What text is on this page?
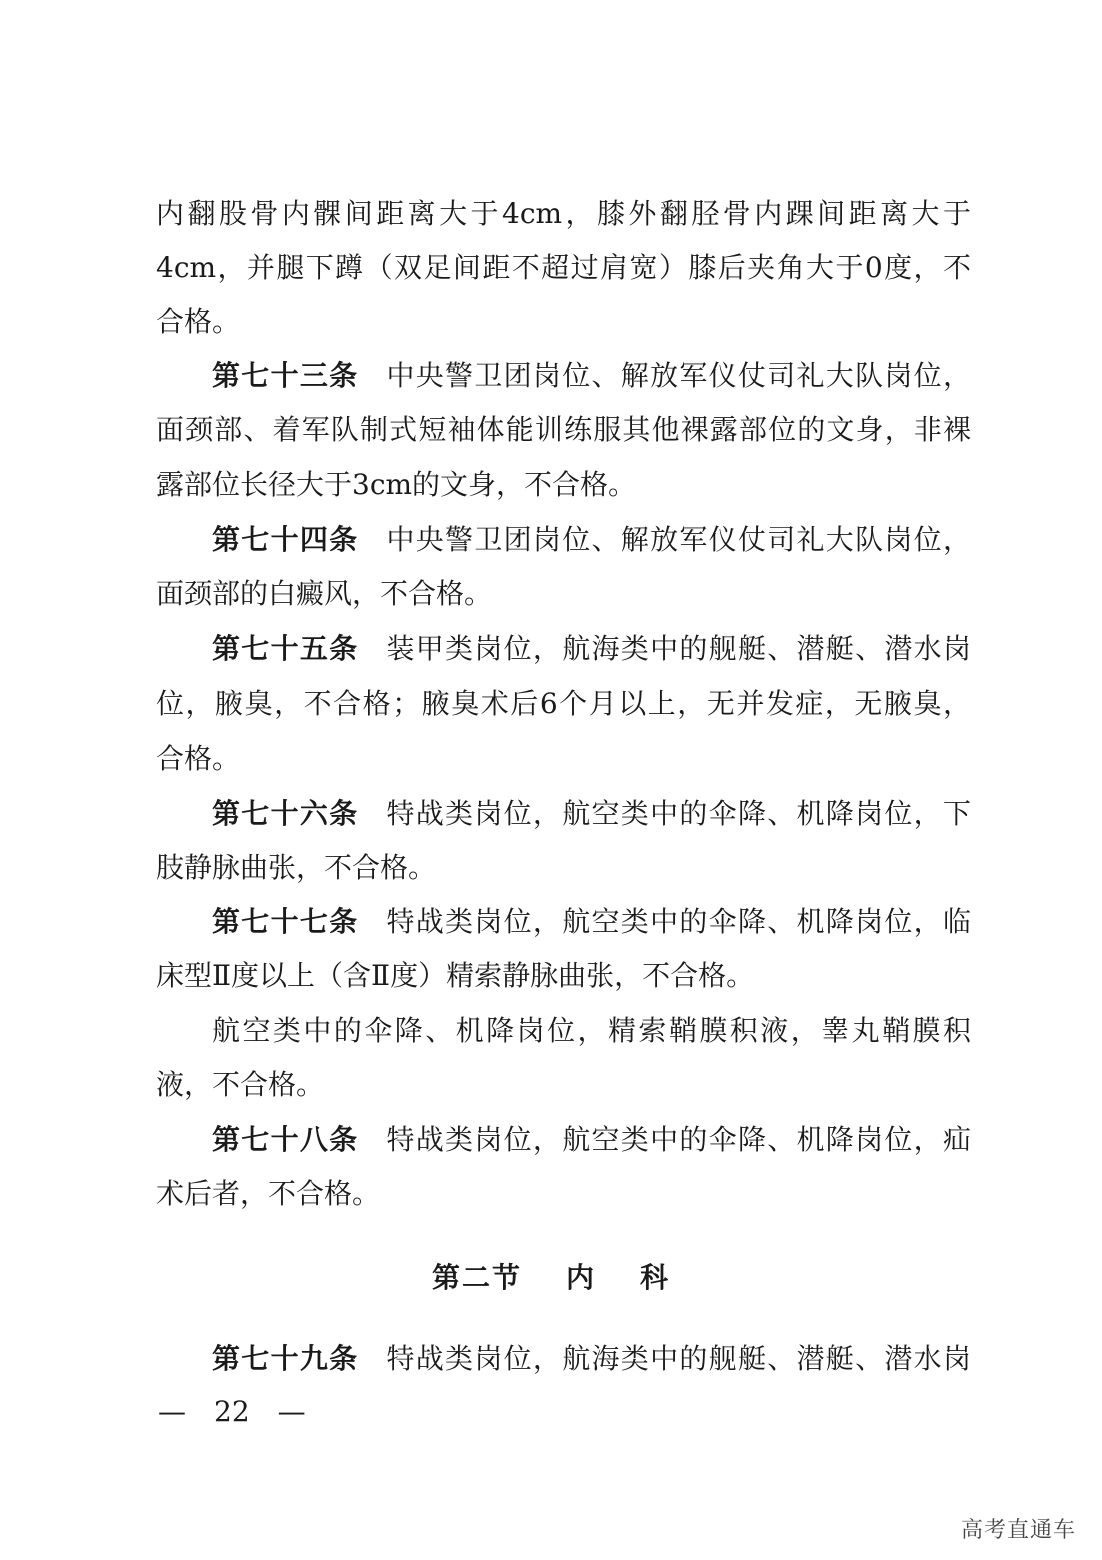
内翻股骨内髁间距离大于4cm，膝外翻胫骨内踝间距离大于
4cm，并腿下蹲（双足间距不超过肩宽）膝后夹角大于0度，不
合格。
第七十三条 中央警卫团岗位、解放军仪仗司礼大队岗位，
面颈部、着军队制式短袖体能训练服其他裸露部位的文身，非裸
露部位长径大于3cm的文身，不合格。
第七十四条 中央警卫团岗位、解放军仪仗司礼大队岗位，
面颈部的白癜风，不合格。
第七十五条 装甲类岗位，航海类中的舰艇、潜艇、潜水岗
位，腋臭，不合格；腋臭术后6个月以上，无并发症，无腋臭，
合格。
第七十六条 特战类岗位，航空类中的伞降、机降岗位，下
肢静脉曲张，不合格。
第七十七条 特战类岗位，航空类中的伞降、机降岗位，临
床型Ⅱ度以上（含Ⅱ度）精索静脉曲张，不合格。
航空类中的伞降、机降岗位，精索鞘膜积液，睾丸鞘膜积
液，不合格。
第七十八条 特战类岗位，航空类中的伞降、机降岗位，疝
术后者，不合格。
第二节 内 科
第七十九条 特战类岗位，航海类中的舰艇、潜艇、潜水岗
—　22　—
高考直通车
